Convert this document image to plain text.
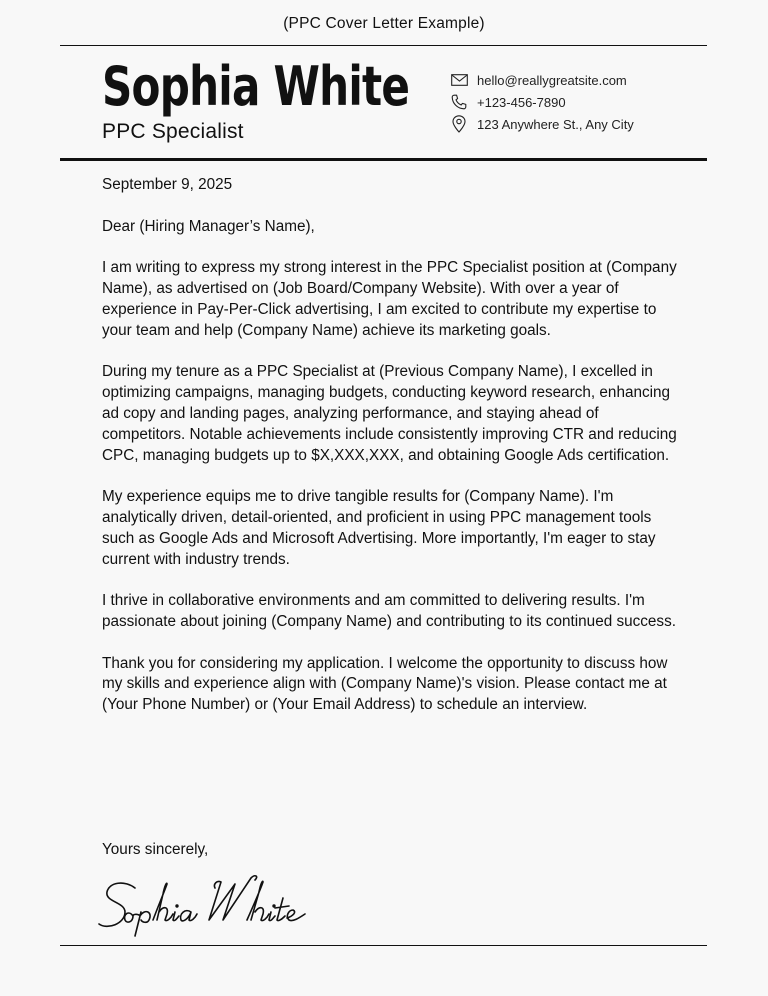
(PPC Cover Letter Example)
Sophia White
PPC Specialist
hello@reallygreatsite.com
+123-456-7890
123 Anywhere St., Any City

September 9, 2025

Dear (Hiring Manager’s Name),

I am writing to express my strong interest in the PPC Specialist position at (Company Name), as advertised on (Job Board/Company Website). With over a year of experience in Pay-Per-Click advertising, I am excited to contribute my expertise to your team and help (Company Name) achieve its marketing goals.

During my tenure as a PPC Specialist at (Previous Company Name), I excelled in optimizing campaigns, managing budgets, conducting keyword research, enhancing ad copy and landing pages, analyzing performance, and staying ahead of competitors. Notable achievements include consistently improving CTR and reducing CPC, managing budgets up to $X,XXX,XXX, and obtaining Google Ads certification.

My experience equips me to drive tangible results for (Company Name). I'm analytically driven, detail-oriented, and proficient in using PPC management tools such as Google Ads and Microsoft Advertising. More importantly, I'm eager to stay current with industry trends.

I thrive in collaborative environments and am committed to delivering results. I'm passionate about joining (Company Name) and contributing to its continued success.

Thank you for considering my application. I welcome the opportunity to discuss how my skills and experience align with (Company Name)'s vision. Please contact me at (Your Phone Number) or (Your Email Address) to schedule an interview.

Yours sincerely,
